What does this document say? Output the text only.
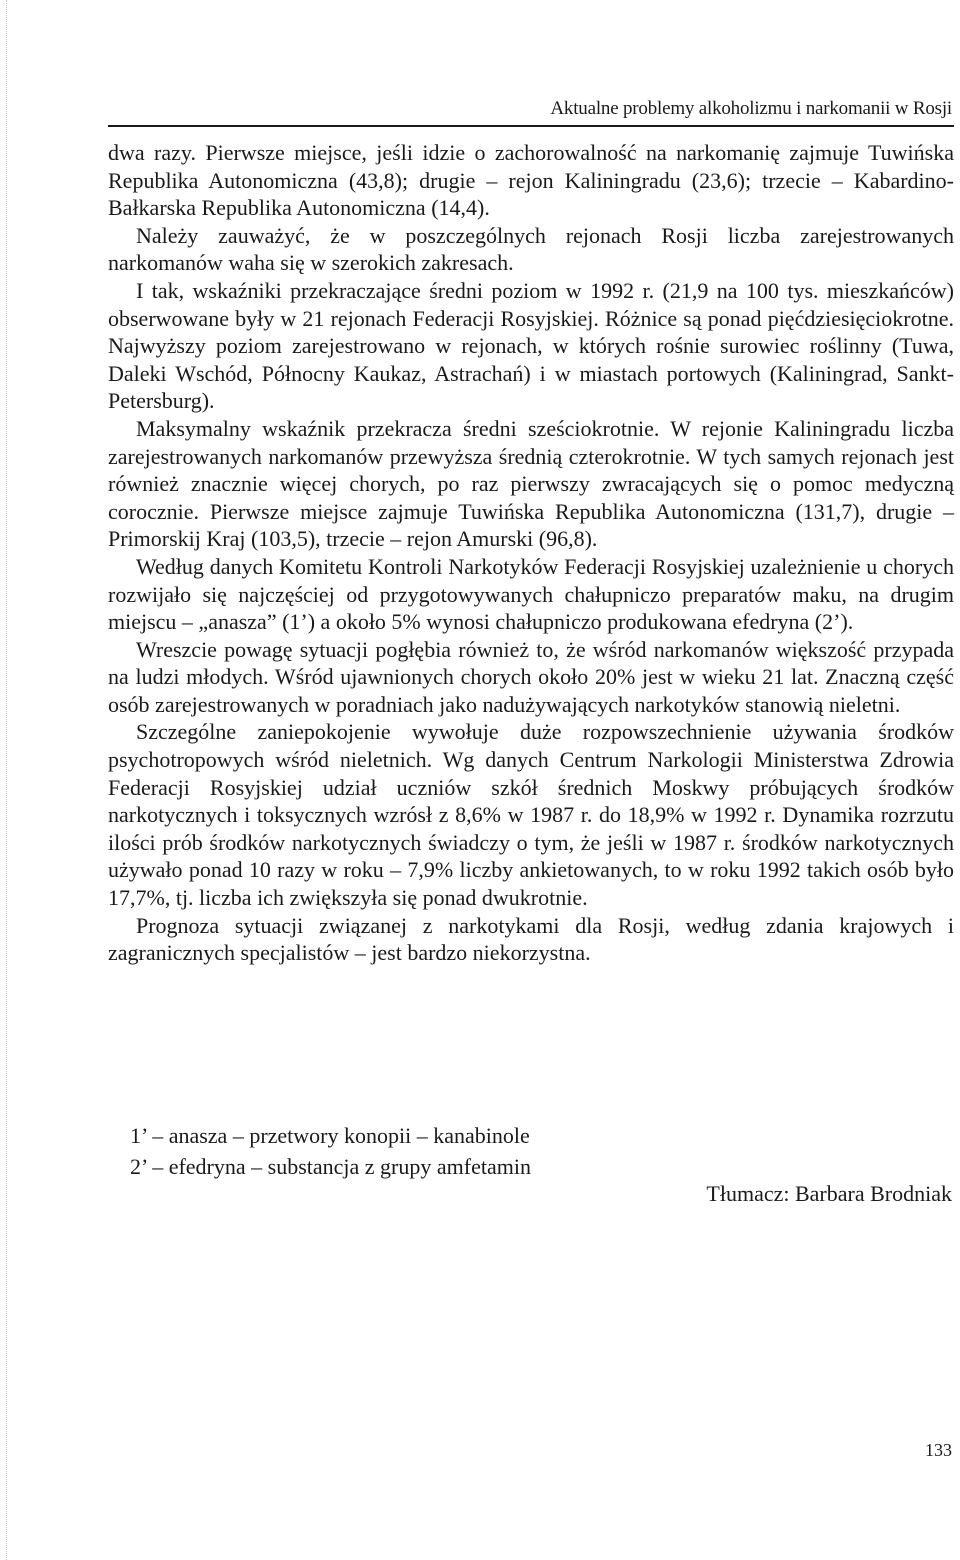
Aktualne problemy alkoholizmu i narkomanii w Rosji

dwa razy. Pierwsze miejsce, jeśli idzie o zachorowalność na narkomanię zajmuje Tuwińska Republika Autonomiczna (43,8); drugie – rejon Kaliningradu (23,6); trzecie – Kabardino-Bałkarska Republika Autonomiczna (14,4).

Należy zauważyć, że w poszczególnych rejonach Rosji liczba zarejestrowanych narkomanów waha się w szerokich zakresach.

I tak, wskaźniki przekraczające średni poziom w 1992 r. (21,9 na 100 tys. mieszkańców) obserwowane były w 21 rejonach Federacji Rosyjskiej. Różnice są ponad pięćdziesięciokrotne. Najwyższy poziom zarejestrowano w rejonach, w których rośnie surowiec roślinny (Tuwa, Daleki Wschód, Północny Kaukaz, Astrachań) i w miastach portowych (Kaliningrad, Sankt-Petersburg).

Maksymalny wskaźnik przekracza średni sześciokrotnie. W rejonie Kaliningradu liczba zarejestrowanych narkomanów przewyższa średnią czterokrotnie. W tych samych rejonach jest również znacznie więcej chorych, po raz pierwszy zwracających się o pomoc medyczną corocznie. Pierwsze miejsce zajmuje Tuwińska Republika Autonomiczna (131,7), drugie – Primorskij Kraj (103,5), trzecie – rejon Amurski (96,8).

Według danych Komitetu Kontroli Narkotyków Federacji Rosyjskiej uzależnienie u chorych rozwijało się najczęściej od przygotowywanych chałupniczo preparatów maku, na drugim miejscu – „anasza” (1’) a około 5% wynosi chałupniczo produkowana efedryna (2’).

Wreszcie powagę sytuacji pogłębia również to, że wśród narkomanów większość przypada na ludzi młodych. Wśród ujawnionych chorych około 20% jest w wieku 21 lat. Znaczną część osób zarejestrowanych w poradniach jako nadużywających narkotyków stanowią nieletni.

Szczególne zaniepokojenie wywołuje duże rozpowszechnienie używania środków psychotropowych wśród nieletnich. Wg danych Centrum Narkologii Ministerstwa Zdrowia Federacji Rosyjskiej udział uczniów szkół średnich Moskwy próbujących środków narkotycznych i toksycznych wzrósł z 8,6% w 1987 r. do 18,9% w 1992 r. Dynamika rozrzutu ilości prób środków narkotycznych świadczy o tym, że jeśli w 1987 r. środków narkotycznych używało ponad 10 razy w roku – 7,9% liczby ankietowanych, to w roku 1992 takich osób było 17,7%, tj. liczba ich zwiększyła się ponad dwukrotnie.

Prognoza sytuacji związanej z narkotykami dla Rosji, według zdania krajowych i zagranicznych specjalistów – jest bardzo niekorzystna.

1’ – anasza – przetwory konopii – kanabinole
2’ – efedryna – substancja z grupy amfetamin
Tłumacz: Barbara Brodniak
133
